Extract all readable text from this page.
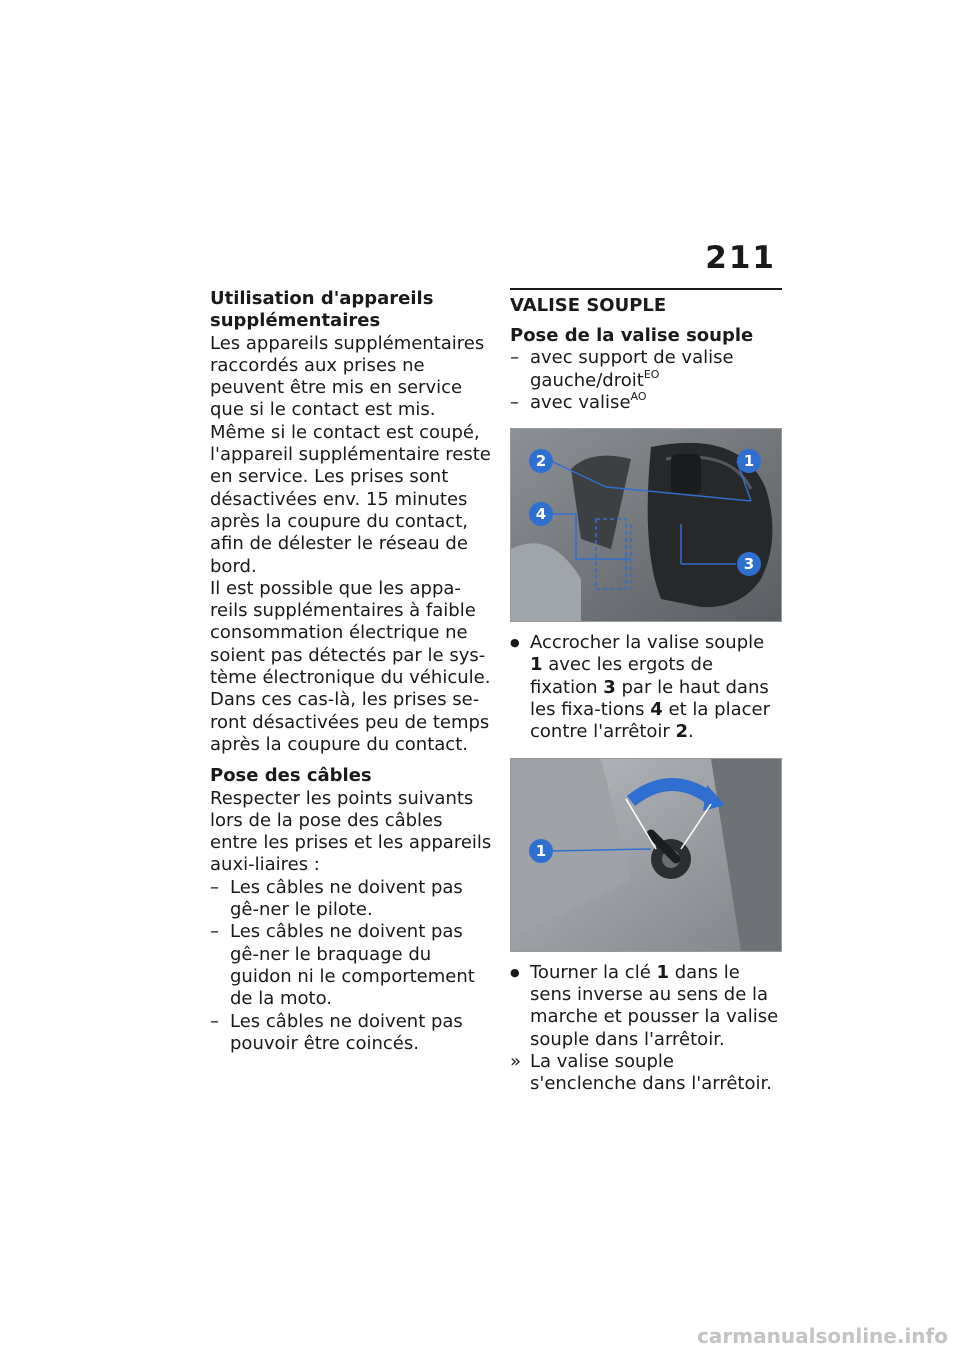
211
Utilisation d'appareils supplémentaires

Les appareils supplémentaires raccordés aux prises ne peuvent être mis en service que si le contact est mis.

Même si le contact est coupé, l'appareil supplémentaire reste en service. Les prises sont désactivées env. 15 minutes après la coupure du contact, afin de délester le réseau de bord.

Il est possible que les appa-reils supplémentaires à faible consommation électrique ne soient pas détectés par le sys-tème électronique du véhicule. Dans ces cas-là, les prises se-ront désactivées peu de temps après la coupure du contact.

Pose des câbles

Respecter les points suivants lors de la pose des câbles entre les prises et les appareils auxi-liaires :

– Les câbles ne doivent pas gê-ner le pilote.
– Les câbles ne doivent pas gê-ner le braquage du guidon ni le comportement de la moto.
– Les câbles ne doivent pas pouvoir être coincés.
VALISE SOUPLE
Pose de la valise souple
– avec support de valise gauche/droit$^{EO}$
– avec valise$^{AO}$
2	1
4
3
● Accrocher la valise souple 1 avec les ergots de fixation 3 par le haut dans les fixa-tions 4 et la placer contre l'arrêtoir 2.
1
● Tourner la clé 1 dans le sens inverse au sens de la marche et pousser la valise souple dans l'arrêtoir.
» La valise souple s'enclenche dans l'arrêtoir.
carmanualsonline.info
